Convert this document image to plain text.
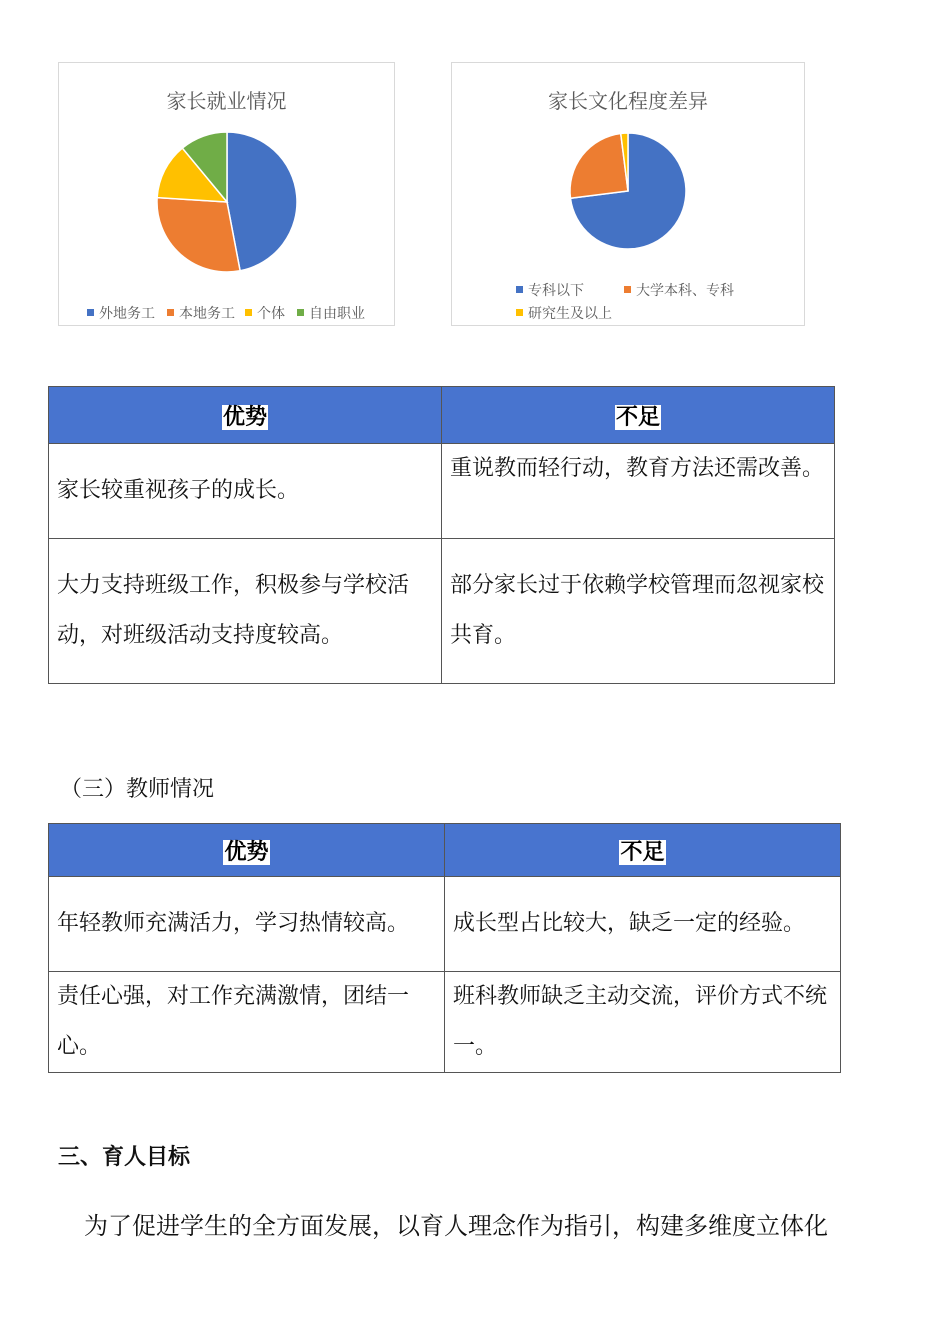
家长就业情况
外地务工	本地务工	个体	自由职业
家长文化程度差异
专科以下	大学本科、专科
研究生及以上
优势	不足
家长较重视孩子的成长。	重说教而轻行动，教育方法还需改善。
大力支持班级工作，积极参与学校活动，对班级活动支持度较高。	部分家长过于依赖学校管理而忽视家校共育。
（三）教师情况
优势	不足
年轻教师充满活力，学习热情较高。	成长型占比较大，缺乏一定的经验。
责任心强，对工作充满激情，团结一心。	班科教师缺乏主动交流，评价方式不统一。
三、育人目标
为了促进学生的全方面发展，以育人理念作为指引，构建多维度立体化
